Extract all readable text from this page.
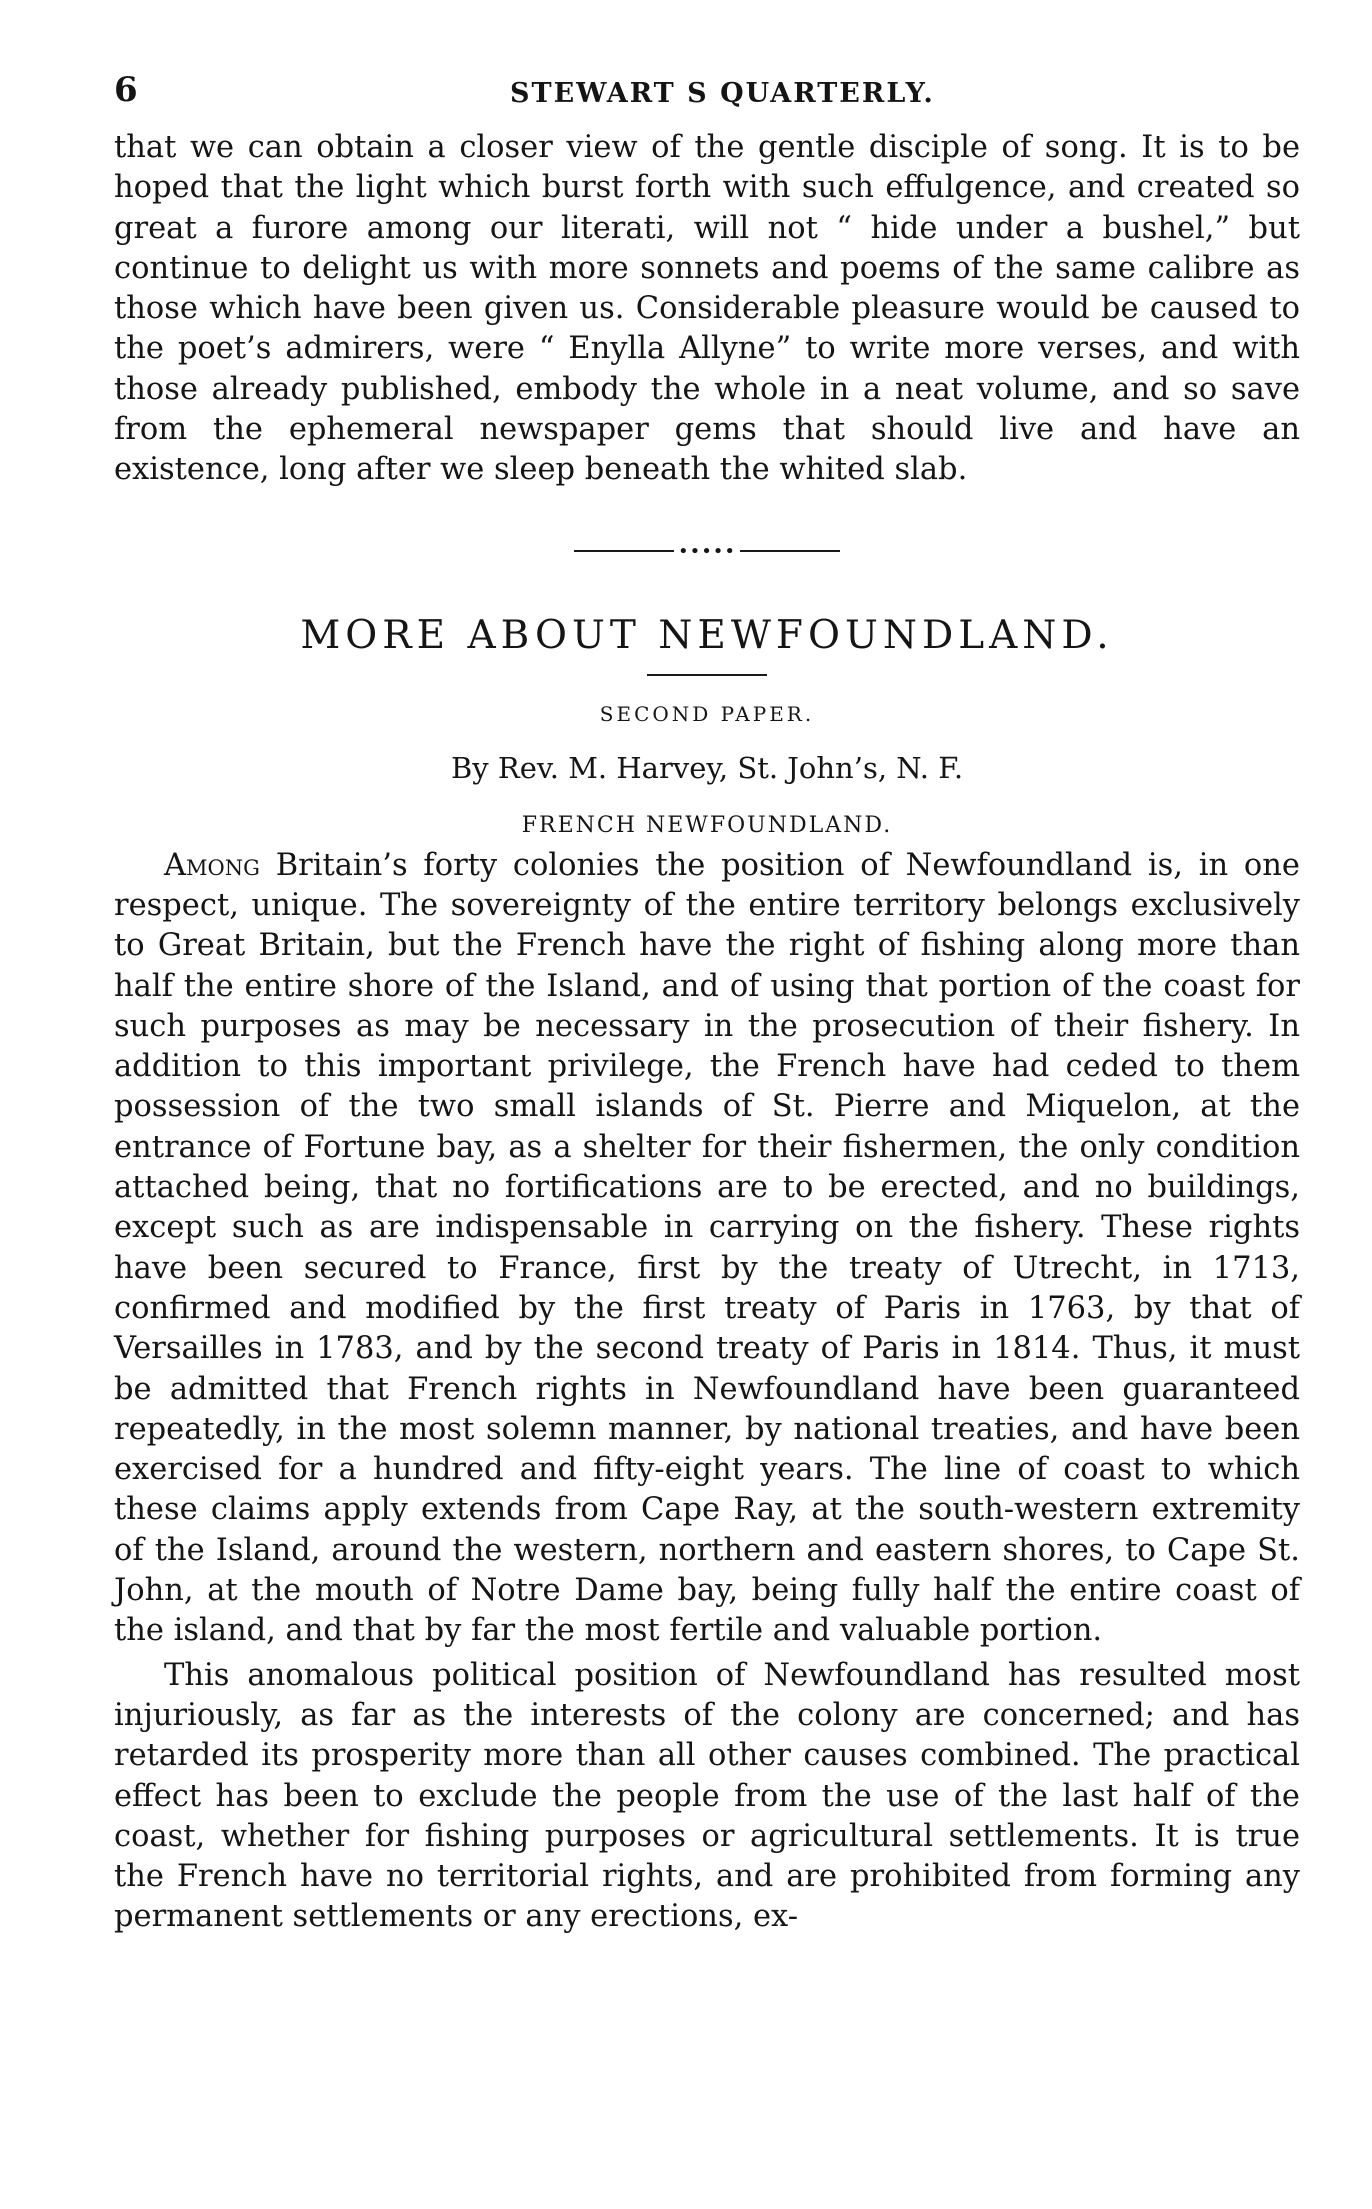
6	STEWART S QUARTERLY.

that we can obtain a closer view of the gentle disciple of song. It is to be hoped that the light which burst forth with such effulgence, and created so great a furore among our literati, will not “ hide under a bushel,” but continue to delight us with more sonnets and poems of the same calibre as those which have been given us. Considerable pleasure would be caused to the poet’s admirers, were “ Enylla Allyne” to write more verses, and with those already published, embody the whole in a neat volume, and so save from the ephemeral newspaper gems that should live and have an existence, long after we sleep beneath the whited slab.

•••••
MORE ABOUT NEWFOUNDLAND.
SECOND PAPER.
By Rev. M. Harvey, St. John’s, N. F.
FRENCH NEWFOUNDLAND.

Among Britain’s forty colonies the position of Newfoundland is, in one respect, unique. The sovereignty of the entire territory belongs exclusively to Great Britain, but the French have the right of fishing along more than half the entire shore of the Island, and of using that portion of the coast for such purposes as may be necessary in the prosecution of their fishery. In addition to this important privilege, the French have had ceded to them possession of the two small islands of St. Pierre and Miquelon, at the entrance of Fortune bay, as a shelter for their fishermen, the only condition attached being, that no fortifications are to be erected, and no buildings, except such as are indispensable in carrying on the fishery. These rights have been secured to France, first by the treaty of Utrecht, in 1713, confirmed and modified by the first treaty of Paris in 1763, by that of Versailles in 1783, and by the second treaty of Paris in 1814. Thus, it must be admitted that French rights in Newfoundland have been guaranteed repeatedly, in the most solemn manner, by national treaties, and have been exercised for a hundred and fifty-eight years. The line of coast to which these claims apply extends from Cape Ray, at the south-western extremity of the Island, around the western, northern and eastern shores, to Cape St. John, at the mouth of Notre Dame bay, being fully half the entire coast of the island, and that by far the most fertile and valuable portion.

This anomalous political position of Newfoundland has resulted most injuriously, as far as the interests of the colony are concerned; and has retarded its prosperity more than all other causes combined. The practical effect has been to exclude the people from the use of the last half of the coast, whether for fishing purposes or agricultural settlements. It is true the French have no territorial rights, and are prohibited from forming any permanent settlements or any erections, ex-
